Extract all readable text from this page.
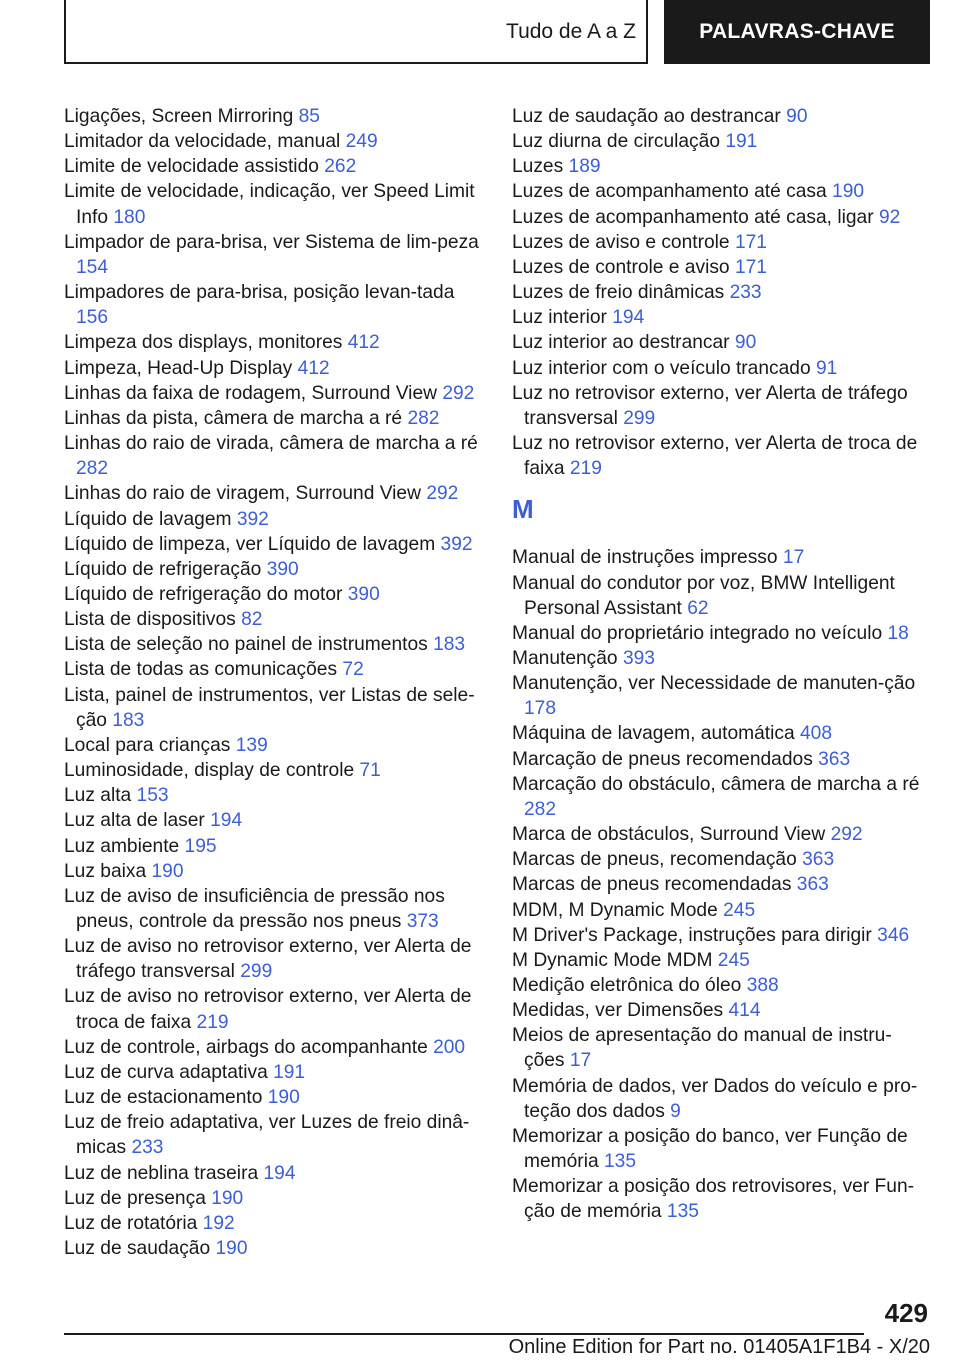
Tudo de A a Z	PALAVRAS-CHAVE
Ligações, Screen Mirroring 85
Limitador da velocidade, manual 249
Limite de velocidade assistido 262
Limite de velocidade, indicação, ver Speed Limit Info 180
Limpador de para-brisa, ver Sistema de lim-peza 154
Limpadores de para-brisa, posição levan-tada 156
Limpeza dos displays, monitores 412
Limpeza, Head-Up Display 412
Linhas da faixa de rodagem, Surround View 292
Linhas da pista, câmera de marcha a ré 282
Linhas do raio de virada, câmera de marcha a ré 282
Linhas do raio de viragem, Surround View 292
Líquido de lavagem 392
Líquido de limpeza, ver Líquido de lavagem 392
Líquido de refrigeração 390
Líquido de refrigeração do motor 390
Lista de dispositivos 82
Lista de seleção no painel de instrumentos 183
Lista de todas as comunicações 72
Lista, painel de instrumentos, ver Listas de sele-ção 183
Local para crianças 139
Luminosidade, display de controle 71
Luz alta 153
Luz alta de laser 194
Luz ambiente 195
Luz baixa 190
Luz de aviso de insuficiência de pressão nos pneus, controle da pressão nos pneus 373
Luz de aviso no retrovisor externo, ver Alerta de tráfego transversal 299
Luz de aviso no retrovisor externo, ver Alerta de troca de faixa 219
Luz de controle, airbags do acompanhante 200
Luz de curva adaptativa 191
Luz de estacionamento 190
Luz de freio adaptativa, ver Luzes de freio dinâ-micas 233
Luz de neblina traseira 194
Luz de presença 190
Luz de rotatória 192
Luz de saudação 190
Luz de saudação ao destrancar 90
Luz diurna de circulação 191
Luzes 189
Luzes de acompanhamento até casa 190
Luzes de acompanhamento até casa, ligar 92
Luzes de aviso e controle 171
Luzes de controle e aviso 171
Luzes de freio dinâmicas 233
Luz interior 194
Luz interior ao destrancar 90
Luz interior com o veículo trancado 91
Luz no retrovisor externo, ver Alerta de tráfego transversal 299
Luz no retrovisor externo, ver Alerta de troca de faixa 219
M
Manual de instruções impresso 17
Manual do condutor por voz, BMW Intelligent Personal Assistant 62
Manual do proprietário integrado no veículo 18
Manutenção 393
Manutenção, ver Necessidade de manuten-ção 178
Máquina de lavagem, automática 408
Marcação de pneus recomendados 363
Marcação do obstáculo, câmera de marcha a ré 282
Marca de obstáculos, Surround View 292
Marcas de pneus, recomendação 363
Marcas de pneus recomendadas 363
MDM, M Dynamic Mode 245
M Driver's Package, instruções para dirigir 346
M Dynamic Mode MDM 245
Medição eletrônica do óleo 388
Medidas, ver Dimensões 414
Meios de apresentação do manual de instru-ções 17
Memória de dados, ver Dados do veículo e pro-teção dos dados 9
Memorizar a posição do banco, ver Função de memória 135
Memorizar a posição dos retrovisores, ver Fun-ção de memória 135
429
Online Edition for Part no. 01405A1F1B4 - X/20
